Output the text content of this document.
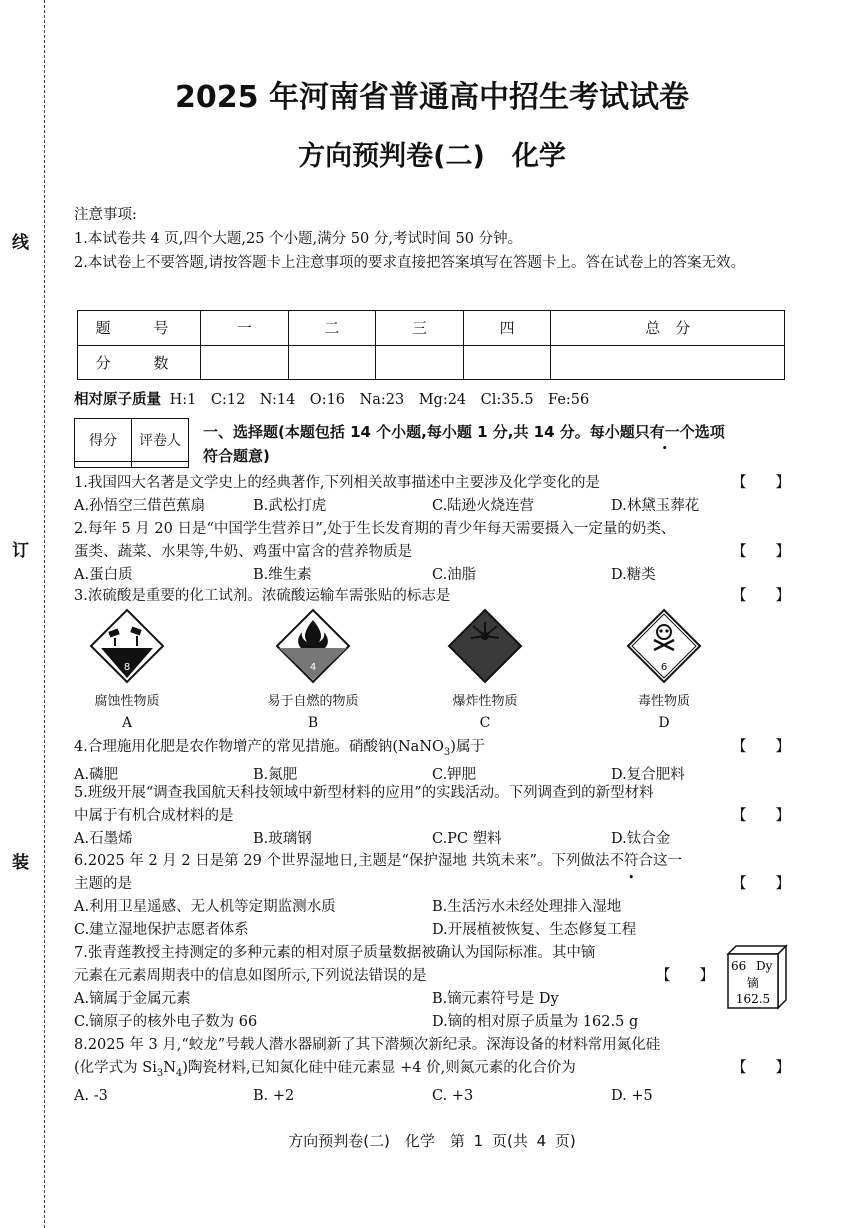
线
订
装
2025 年河南省普通高中招生考试试卷
方向预判卷(二)　化学

注意事项:

1.本试卷共 4 页,四个大题,25 个小题,满分 50 分,考试时间 50 分钟。

2.本试卷上不要答题,请按答题卡上注意事项的要求直接把答案填写在答题卡上。答在试卷上的答案无效。

题　号	一	二	三	四	总　分
分　数					
相对原子质量 H:1　C:12　N:14　O:16　Na:23　Mg:24　Cl:35.5　Fe:56
得分	评卷人

一、选择题(本题包括 14 个小题,每小题 1 分,共 14 分。每小题只有一个选项
符合题意)

1.我国四大名著是文学史上的经典著作,下列相关故事描述中主要涉及化学变化的是	【　　】

A.孙悟空三借芭蕉扇	B.武松打虎	C.陆逊火烧连营	D.林黛玉葬花

2.每年 5 月 20 日是“中国学生营养日”,处于生长发育期的青少年每天需要摄入一定量的奶类、

蛋类、蔬菜、水果等,牛奶、鸡蛋中富含的营养物质是	【　　】

A.蛋白质	B.维生素	C.油脂	D.糖类

3.浓硫酸是重要的化工试剂。浓硫酸运输车需张贴的标志是	【　　】

8
腐蚀性物质
A
4
易于自燃的物质
B
爆炸性物质
C
6
毒性物质
D

4.合理施用化肥是农作物增产的常见措施。硝酸钠(NaNO$_3$)属于	【　　】

A.磷肥	B.氮肥	C.钾肥	D.复合肥料

5.班级开展“调查我国航天科技领域中新型材料的应用”的实践活动。下列调查到的新型材料

中属于有机合成材料的是	【　　】

A.石墨烯	B.玻璃钢	C.PC 塑料	D.钛合金

6.2025 年 2 月 2 日是第 29 个世界湿地日,主题是“保护湿地 共筑未来”。下列做法不符合这一

主题的是	【　　】

A.利用卫星遥感、无人机等定期监测水质	B.生活污水未经处理排入湿地

C.建立湿地保护志愿者体系	D.开展植被恢复、生态修复工程

7.张青莲教授主持测定的多种元素的相对原子质量数据被确认为国际标准。其中镝

元素在元素周期表中的信息如图所示,下列说法错误的是	【　　】

A.镝属于金属元素	B.镝元素符号是 Dy

C.镝原子的核外电子数为 66	D.镝的相对原子质量为 162.5 g

66 Dy
镝
162.5

8.2025 年 3 月,“蛟龙”号载人潜水器刷新了其下潜频次新纪录。深海设备的材料常用氮化硅

(化学式为 $Si_3N_4$)陶瓷材料,已知氮化硅中硅元素显 +4 价,则氮元素的化合价为	【　　】

A. -3	B. +2	C. +3	D. +5

方向预判卷(二)　化学　第 1 页(共 4 页)
